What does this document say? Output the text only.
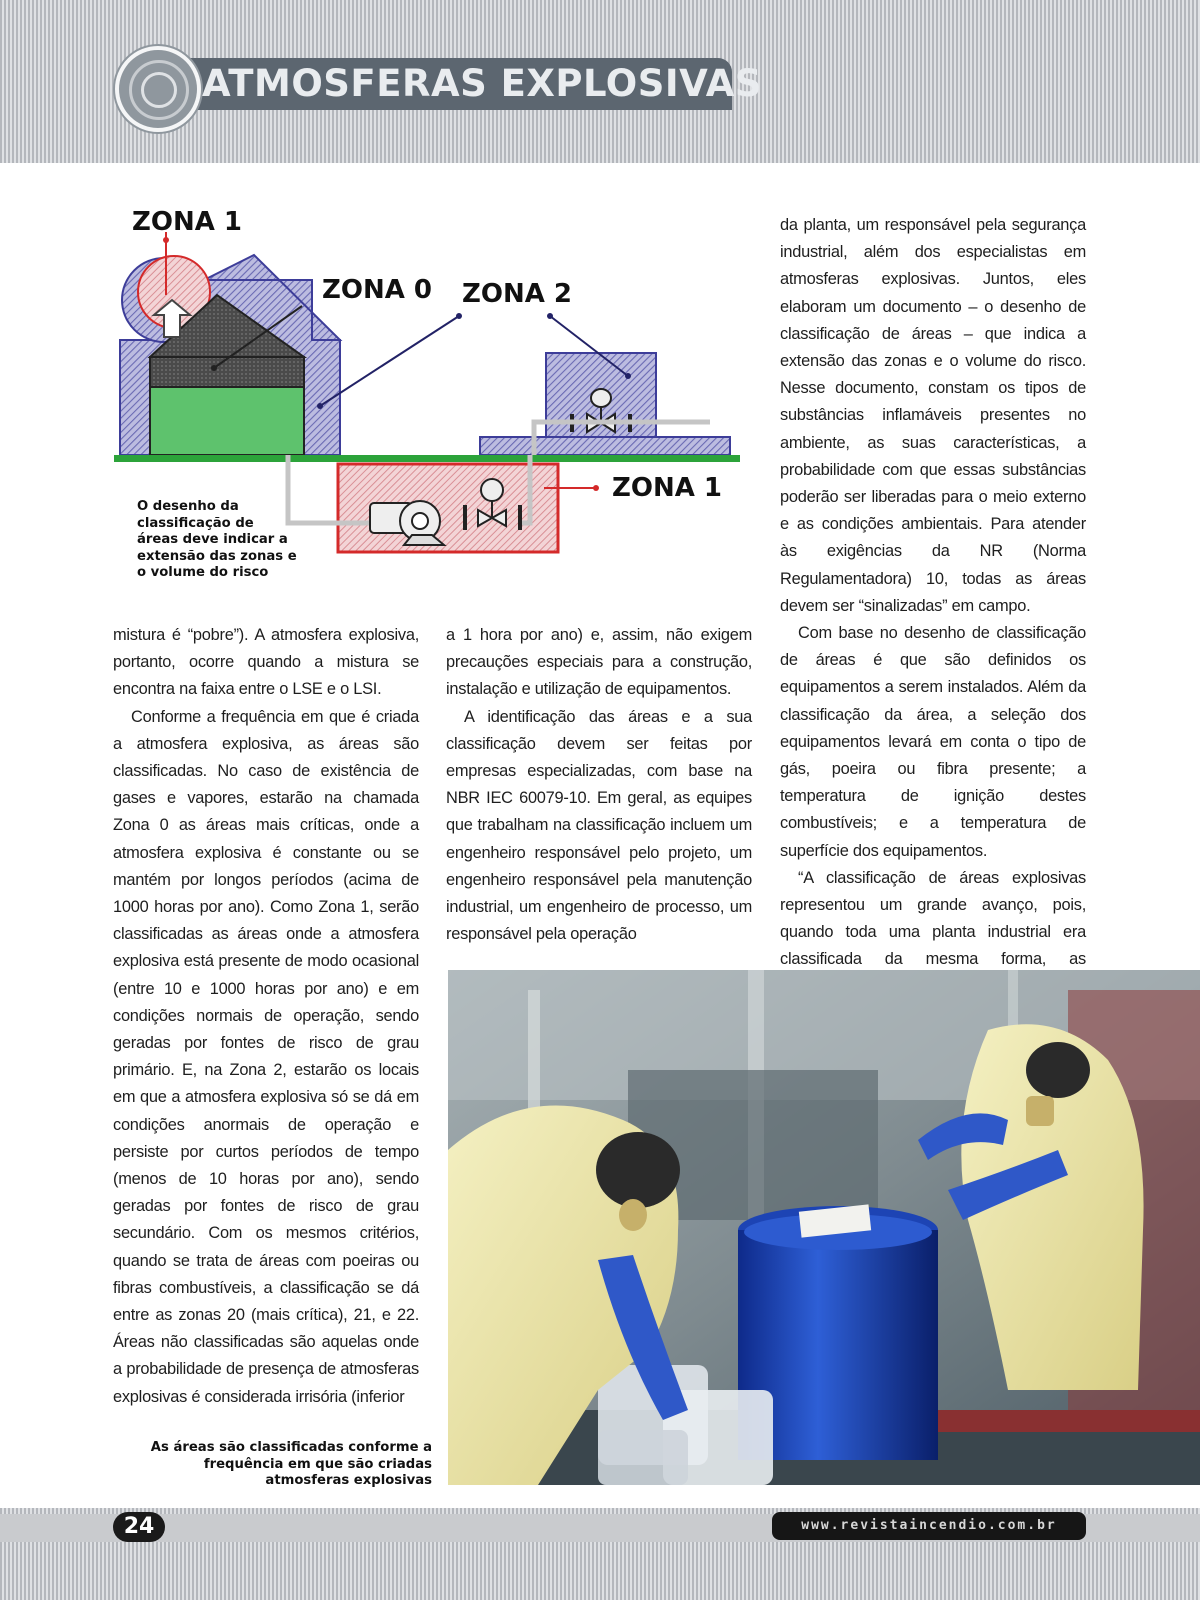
ATMOSFERAS EXPLOSIVAS
ZONA 1
ZONA 0 ZONA 2
ZONA 1
O desenho da classificação de áreas deve indicar a extensão das zonas e o volume do risco

mistura é “pobre”). A atmosfera explosiva, portanto, ocorre quando a mistura se encontra na faixa entre o LSE e o LSI.

Conforme a frequência em que é criada a atmosfera explosiva, as áreas são classificadas. No caso de existência de gases e vapores, estarão na chamada Zona 0 as áreas mais críticas, onde a atmosfera explosiva é constante ou se mantém por longos períodos (acima de 1000 horas por ano). Como Zona 1, serão classificadas as áreas onde a atmosfera explosiva está presente de modo ocasional (entre 10 e 1000 horas por ano) e em condições normais de operação, sendo geradas por fontes de risco de grau primário. E, na Zona 2, estarão os locais em que a atmosfera explosiva só se dá em condições anormais de operação e persiste por curtos períodos de tempo (menos de 10 horas por ano), sendo geradas por fontes de risco de grau secundário. Com os mesmos critérios, quando se trata de áreas com poeiras ou fibras combustíveis, a classificação se dá entre as zonas 20 (mais crítica), 21, e 22. Áreas não classificadas são aquelas onde a probabilidade de presença de atmosferas explosivas é considerada irrisória (inferior

a 1 hora por ano) e, assim, não exigem precauções especiais para a construção, instalação e utilização de equipamentos.

A identificação das áreas e a sua classificação devem ser feitas por empresas especializadas, com base na NBR IEC 60079-10. Em geral, as equipes que trabalham na classificação incluem um engenheiro responsável pelo projeto, um engenheiro responsável pela manutenção industrial, um engenheiro de processo, um responsável pela operação

da planta, um responsável pela segurança industrial, além dos especialistas em atmosferas explosivas. Juntos, eles elaboram um documento – o desenho de classificação de áreas – que indica a extensão das zonas e o volume do risco. Nesse documento, constam os tipos de substâncias inflamáveis presentes no ambiente, as suas características, a probabilidade com que essas substâncias poderão ser liberadas para o meio externo e as condições ambientais. Para atender às exigências da NR (Norma Regulamentadora) 10, todas as áreas devem ser “sinalizadas” em campo.

Com base no desenho de classificação de áreas é que são definidos os equipamentos a serem instalados. Além da classificação da área, a seleção dos equipamentos levará em conta o tipo de gás, poeira ou fibra presente; a temperatura de ignição destes combustíveis; e a temperatura de superfície dos equipamentos.

“A classificação de áreas explosivas representou um grande avanço, pois, quando toda uma planta industrial era classificada da mesma forma, as

As áreas são classificadas conforme a frequência em que são criadas atmosferas explosivas
24	www.revistaincendio.com.br
